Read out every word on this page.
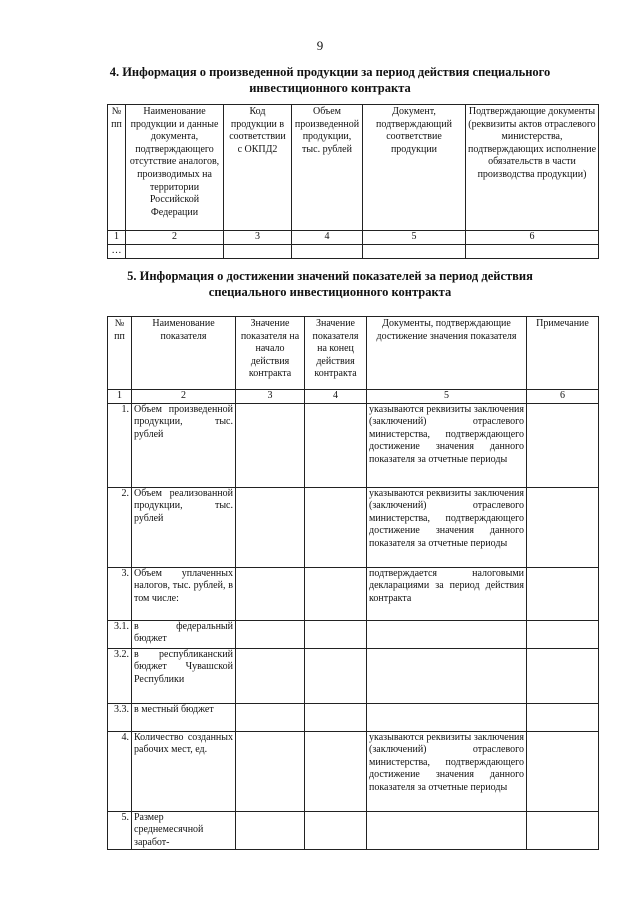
9
4. Информация о произведенной продукции за период действия специального инвестиционного контракта
№ пп	Наименование продукции и данные документа, подтверждающего отсутствие аналогов, производимых на территории Российской Федерации	Код продукции в соответствии с ОКПД2	Объем произведенной продукции, тыс. рублей	Документ, подтверждающий соответствие продукции	Подтверждающие документы (реквизиты актов отраслевого министерства, подтверждающих исполнение обязательств в части производства продукции)
1	2	3	4	5	6
…					
5. Информация о достижении значений показателей за период действия специального инвестиционного контракта
№ пп	Наименование показателя	Значение показателя на начало действия контракта	Значение показателя на конец действия контракта	Документы, подтверждающие достижение значения показателя	Примечание
1	2	3	4	5	6
1.	Объем произведенной продукции, тыс. рублей			указываются реквизиты заключения (заключений) отраслевого министерства, подтверждающего достижение значения данного показателя за отчетные периоды	
2.	Объем реализованной продукции, тыс. рублей			указываются реквизиты заключения (заключений) отраслевого министерства, подтверждающего достижение значения данного показателя за отчетные периоды	
3.	Объем уплаченных налогов, тыс. рублей, в том числе:			подтверждается налоговыми декларациями за период действия контракта	
3.1.	в федеральный бюджет				
3.2.	в республиканский бюджет Чувашской Республики				
3.3.	в местный бюджет				
4.	Количество созданных рабочих мест, ед.			указываются реквизиты заключения (заключений) отраслевого министерства, подтверждающего достижение значения данного показателя за отчетные периоды	
5.	Размер среднемесячной заработ-				
